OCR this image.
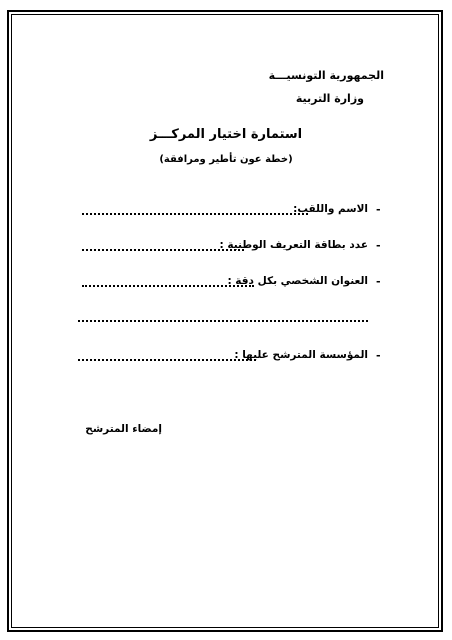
الجمهورية التونسيـــة
وزارة التربية
استمارة اختيار المركـــز
(خطة عون تأطير ومرافقة)
-
الاسم واللقب:
-
عدد بطاقة التعريف الوطنية :
-
العنوان الشخصي بكل دقة :
-
المؤسسة المترشح عليها :
إمضاء المترشح
